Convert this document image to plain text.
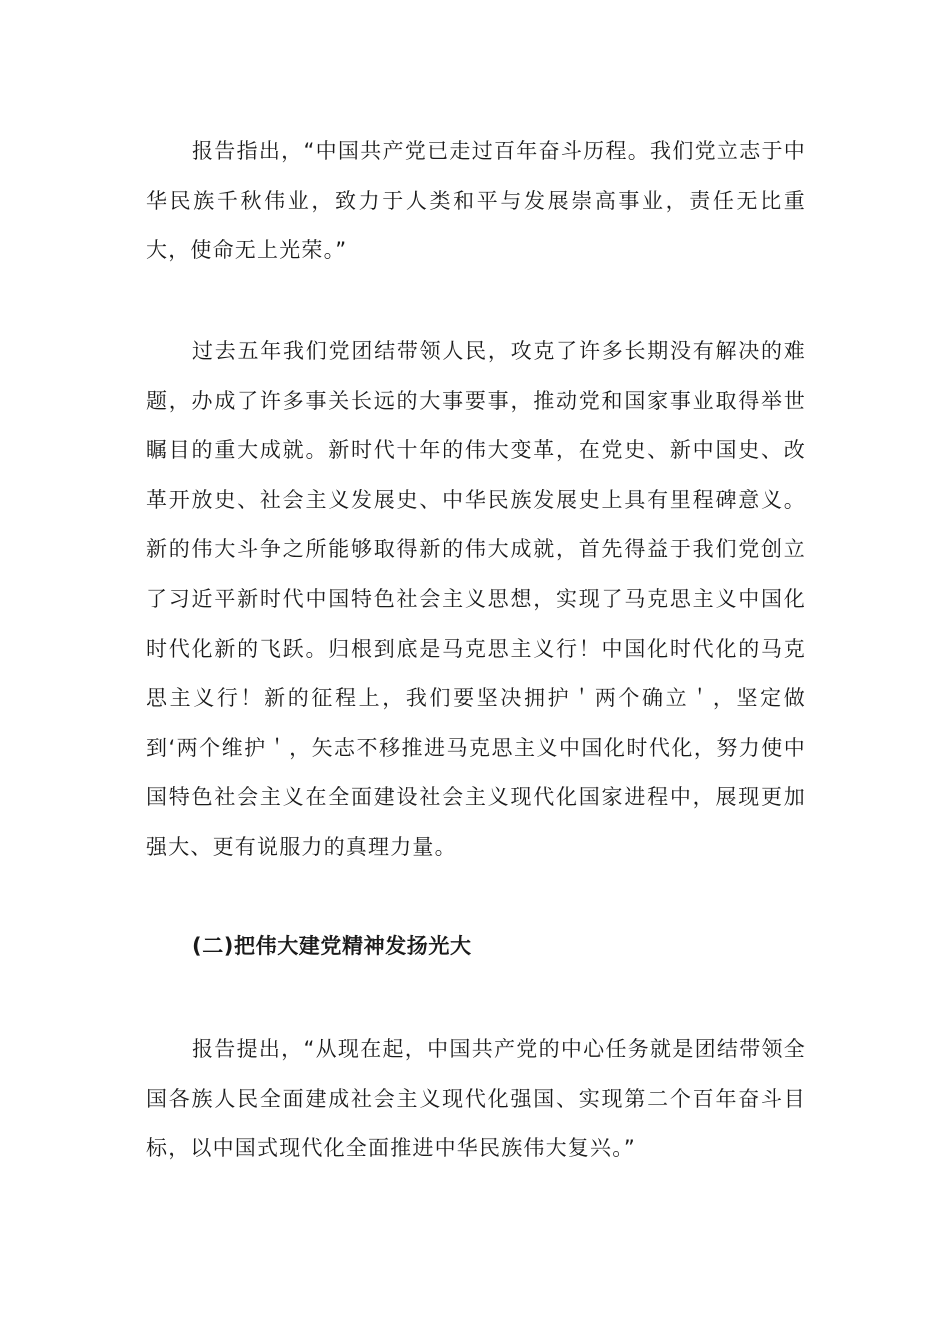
报告指出，“中国共产党已走过百年奋斗历程。我们党立志于中华民族千秋伟业，致力于人类和平与发展崇高事业，责任无比重大，使命无上光荣。”

过去五年我们党团结带领人民，攻克了许多长期没有解决的难题，办成了许多事关长远的大事要事，推动党和国家事业取得举世瞩目的重大成就。新时代十年的伟大变革，在党史、新中国史、改革开放史、社会主义发展史、中华民族发展史上具有里程碑意义。新的伟大斗争之所能够取得新的伟大成就，首先得益于我们党创立了习近平新时代中国特色社会主义思想，实现了马克思主义中国化时代化新的飞跃。归根到底是马克思主义行！中国化时代化的马克思主义行！新的征程上，我们要坚决拥护＇两个确立＇，坚定做到‘两个维护＇，矢志不移推进马克思主义中国化时代化，努力使中国特色社会主义在全面建设社会主义现代化国家进程中，展现更加强大、更有说服力的真理力量。

(二)把伟大建党精神发扬光大

报告提出，“从现在起，中国共产党的中心任务就是团结带领全国各族人民全面建成社会主义现代化强国、实现第二个百年奋斗目标，以中国式现代化全面推进中华民族伟大复兴。”
